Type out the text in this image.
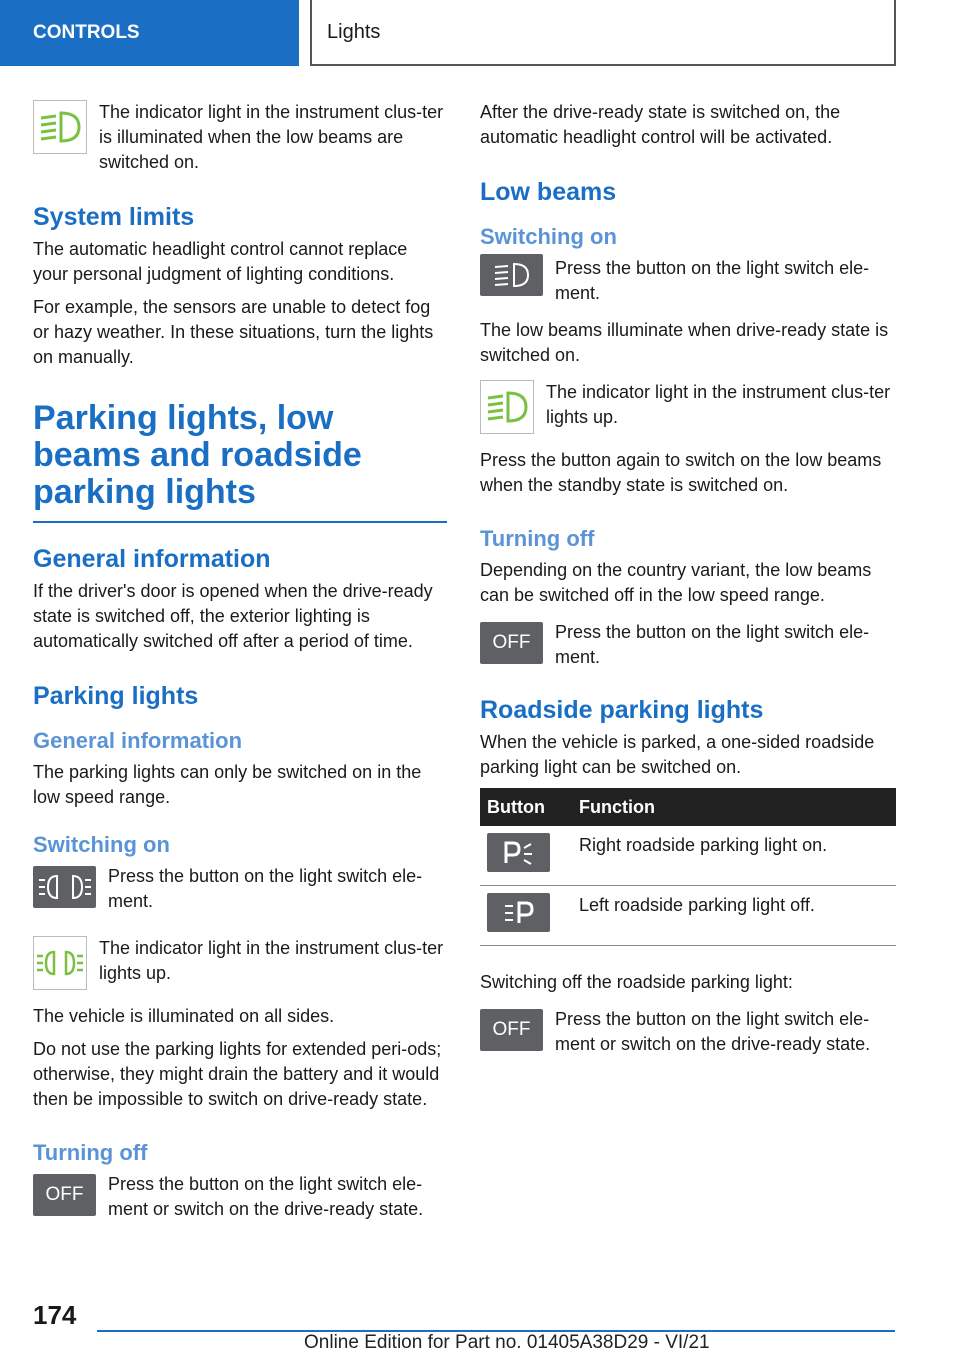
CONTROLS	Lights

The indicator light in the instrument clus-ter is illuminated when the low beams are switched on.

System limits

The automatic headlight control cannot replace your personal judgment of lighting conditions.

For example, the sensors are unable to detect fog or hazy weather. In these situations, turn the lights on manually.

Parking lights, low beams and roadside parking lights
General information

If the driver's door is opened when the drive-ready state is switched off, the exterior lighting is automatically switched off after a period of time.

Parking lights
General information

The parking lights can only be switched on in the low speed range.

Switching on

Press the button on the light switch ele-ment.

The indicator light in the instrument clus-ter lights up.

The vehicle is illuminated on all sides.

Do not use the parking lights for extended peri-ods; otherwise, they might drain the battery and it would then be impossible to switch on drive-ready state.

Turning off
OFF Press the button on the light switch ele-ment or switch on the drive-ready state.

After the drive-ready state is switched on, the automatic headlight control will be activated.

Low beams
Switching on

Press the button on the light switch ele-ment.

The low beams illuminate when drive-ready state is switched on.

The indicator light in the instrument clus-ter lights up.

Press the button again to switch on the low beams when the standby state is switched on.

Turning off

Depending on the country variant, the low beams can be switched off in the low speed range.

OFF Press the button on the light switch ele-ment.

Roadside parking lights

When the vehicle is parked, a one-sided roadside parking light can be switched on.

Button	Function

	Right roadside parking light on.

	Left roadside parking light off.

Switching off the roadside parking light:

OFF Press the button on the light switch ele-ment or switch on the drive-ready state.

174
Online Edition for Part no. 01405A38D29 - VI/21
